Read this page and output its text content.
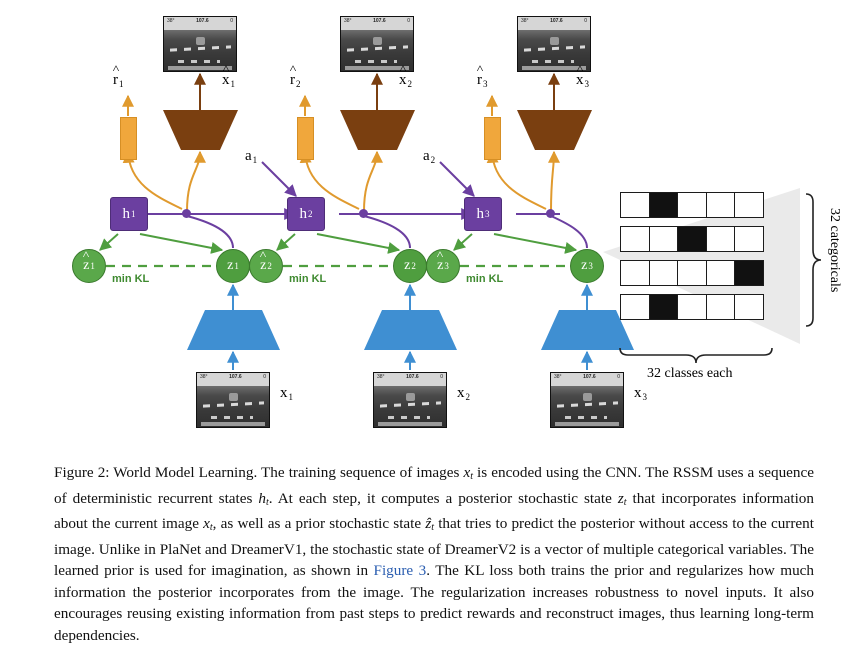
38°	107.6	0	38°	107.6	0	38°	107.6	0
38°	107.6	0	38°	107.6	0	38°	107.6	0
^ $r_1$	^ $r_2$	^ $r_3$
^ $x_1$	^ $x_2$	^ $x_3$
$a_1$	$a_2$
h 1	h 2	h 3
^ z 1	^ z 2	^ z 3
z 1	z 2	z 3
min KL	min KL	min KL
$x_1$	$x_2$	$x_3$
32 categoricals
32 classes each
Figure 2: World Model Learning. The training sequence of images xt is encoded using the CNN. The RSSM uses a sequence of deterministic recurrent states ht. At each step, it computes a posterior stochastic state zt that incorporates information about the current image xt, as well as a prior stochastic state ẑt that tries to predict the posterior without access to the current image. Unlike in PlaNet and DreamerV1, the stochastic state of DreamerV2 is a vector of multiple categorical variables. The learned prior is used for imagination, as shown in Figure 3. The KL loss both trains the prior and regularizes how much information the posterior incorporates from the image. The regularization increases robustness to novel inputs. It also encourages reusing existing information from past steps to predict rewards and reconstruct images, thus learning long-term dependencies.
